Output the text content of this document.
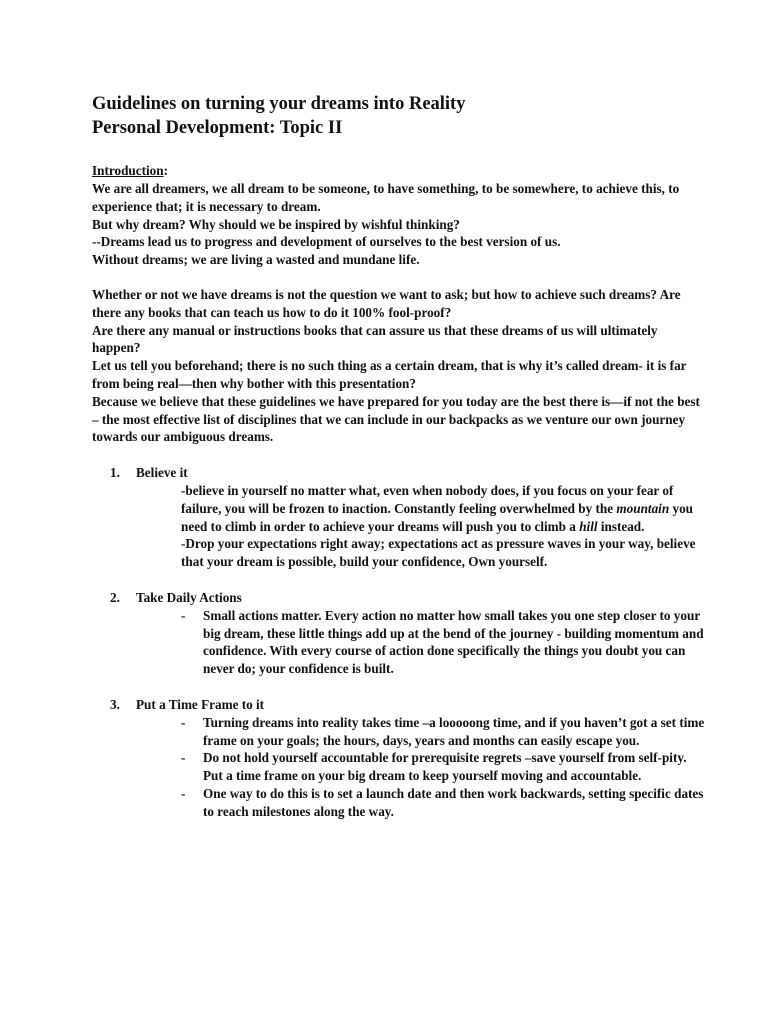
Guidelines on turning your dreams into Reality
Personal Development: Topic II
Introduction:

We are all dreamers, we all dream to be someone, to have something, to be somewhere, to achieve this, to experience that; it is necessary to dream.

But why dream? Why should we be inspired by wishful thinking?

--Dreams lead us to progress and development of ourselves to the best version of us.

Without dreams; we are living a wasted and mundane life.

Whether or not we have dreams is not the question we want to ask; but how to achieve such dreams? Are there any books that can teach us how to do it 100% fool-proof?

Are there any manual or instructions books that can assure us that these dreams of us will ultimately happen?

Let us tell you beforehand; there is no such thing as a certain dream, that is why it’s called dream- it is far from being real—then why bother with this presentation?

Because we believe that these guidelines we have prepared for you today are the best there is—if not the best – the most effective list of disciplines that we can include in our backpacks as we venture our own journey towards our ambiguous dreams.

1.	Believe it
-believe in yourself no matter what, even when nobody does, if you focus on your fear of failure, you will be frozen to inaction. Constantly feeling overwhelmed by the mountain you need to climb in order to achieve your dreams will push you to climb a hill instead.
-Drop your expectations right away; expectations act as pressure waves in your way, believe that your dream is possible, build your confidence, Own yourself.
2.	Take Daily Actions
-	Small actions matter. Every action no matter how small takes you one step closer to your big dream, these little things add up at the bend of the journey - building momentum and confidence. With every course of action done specifically the things you doubt you can never do; your confidence is built.
3.	Put a Time Frame to it
-	Turning dreams into reality takes time –a looooong time, and if you haven’t got a set time frame on your goals; the hours, days, years and months can easily escape you.
-	Do not hold yourself accountable for prerequisite regrets –save yourself from self-pity. Put a time frame on your big dream to keep yourself moving and accountable.
-	One way to do this is to set a launch date and then work backwards, setting specific dates to reach milestones along the way.
